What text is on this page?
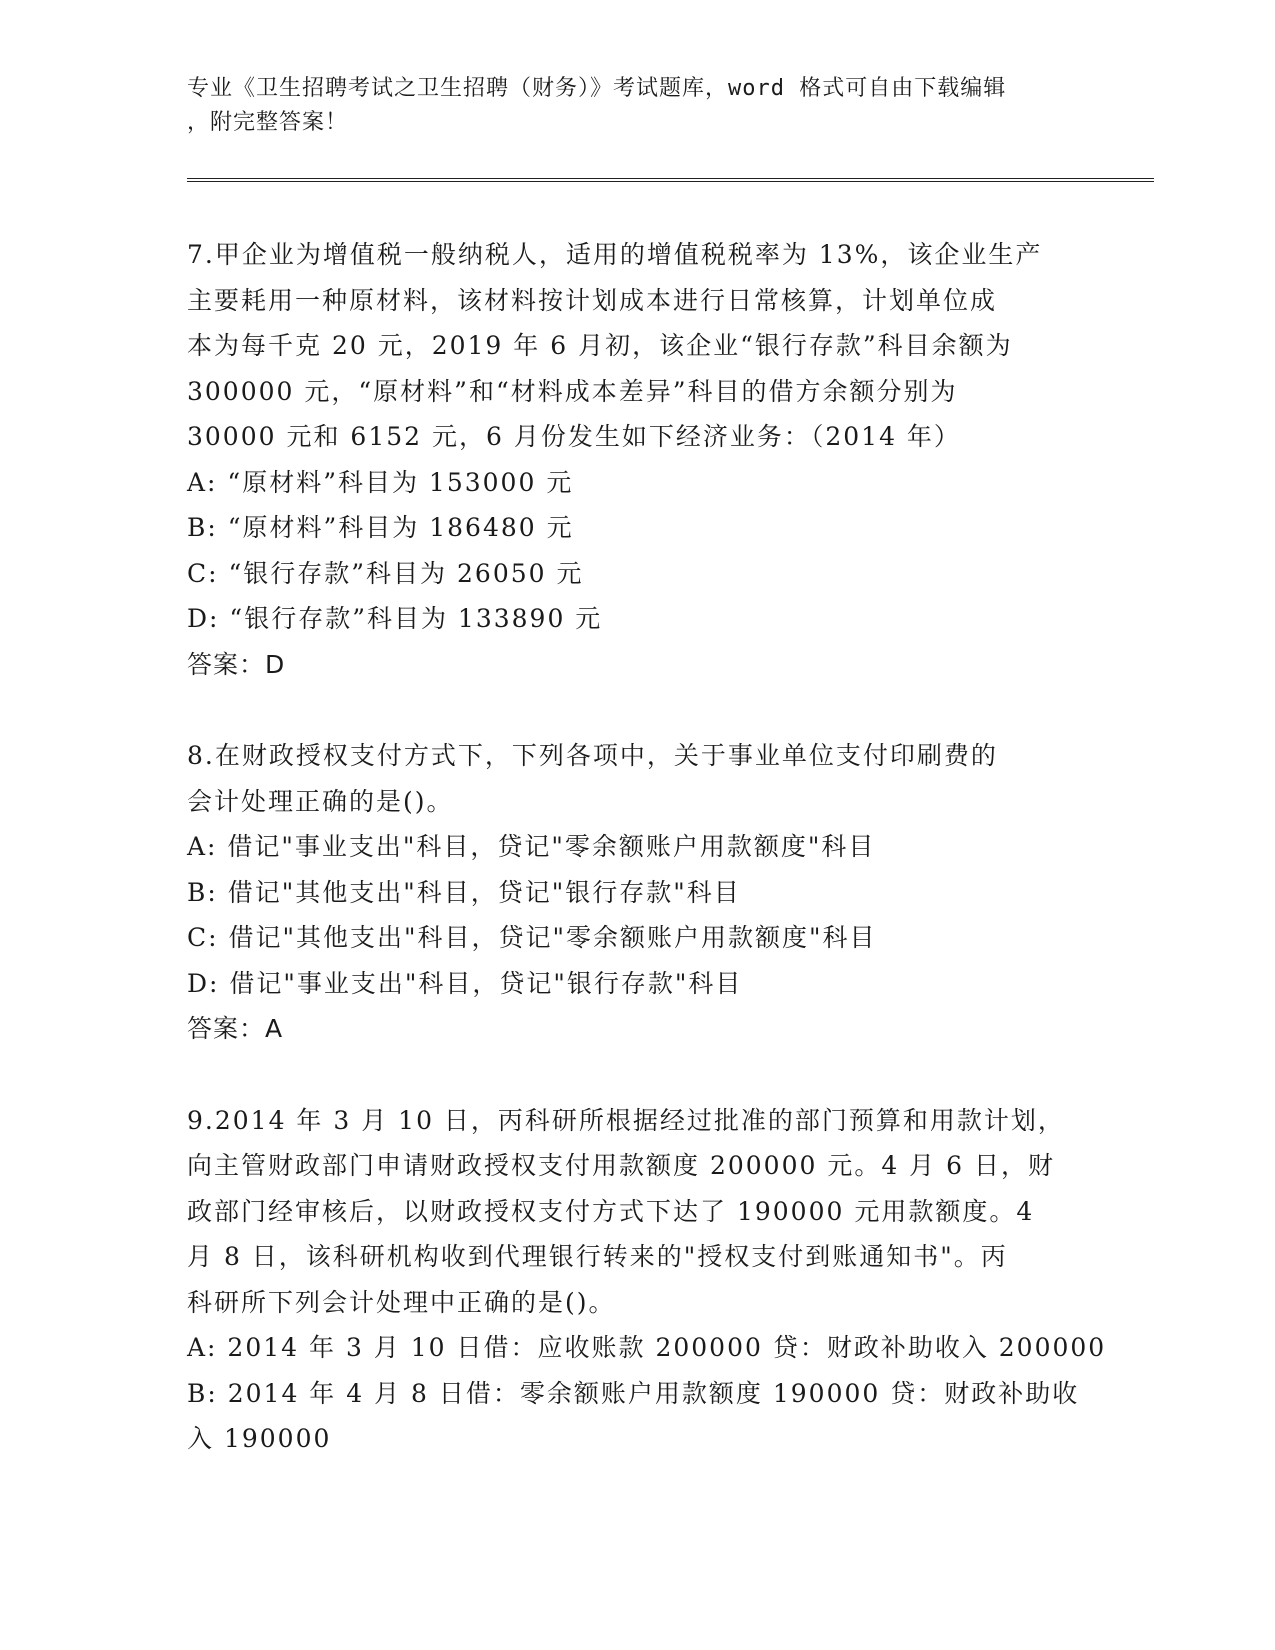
专业《卫生招聘考试之卫生招聘（财务）》考试题库，word 格式可自由下载编辑
，附完整答案！
7.甲企业为增值税一般纳税人，适用的增值税税率为 13%，该企业生产
主要耗用一种原材料，该材料按计划成本进行日常核算，计划单位成
本为每千克 20 元，2019 年 6 月初，该企业“银行存款”科目余额为
300000 元，“原材料”和“材料成本差异”科目的借方余额分别为
30000 元和 6152 元，6 月份发生如下经济业务：（2014 年）
A: “原材料”科目为 153000 元
B: “原材料”科目为 186480 元
C: “银行存款”科目为 26050 元
D: “银行存款”科目为 133890 元
答案：D
8.在财政授权支付方式下，下列各项中，关于事业单位支付印刷费的
会计处理正确的是()。
A: 借记"事业支出"科目，贷记"零余额账户用款额度"科目
B: 借记"其他支出"科目，贷记"银行存款"科目
C: 借记"其他支出"科目，贷记"零余额账户用款额度"科目
D: 借记"事业支出"科目，贷记"银行存款"科目
答案：A
9.2014 年 3 月 10 日，丙科研所根据经过批准的部门预算和用款计划，
向主管财政部门申请财政授权支付用款额度 200000 元。4 月 6 日，财
政部门经审核后，以财政授权支付方式下达了 190000 元用款额度。4
月 8 日，该科研机构收到代理银行转来的"授权支付到账通知书"。丙
科研所下列会计处理中正确的是()。
A: 2014 年 3 月 10 日借：应收账款 200000 贷：财政补助收入 200000
B: 2014 年 4 月 8 日借：零余额账户用款额度 190000 贷：财政补助收
入 190000
